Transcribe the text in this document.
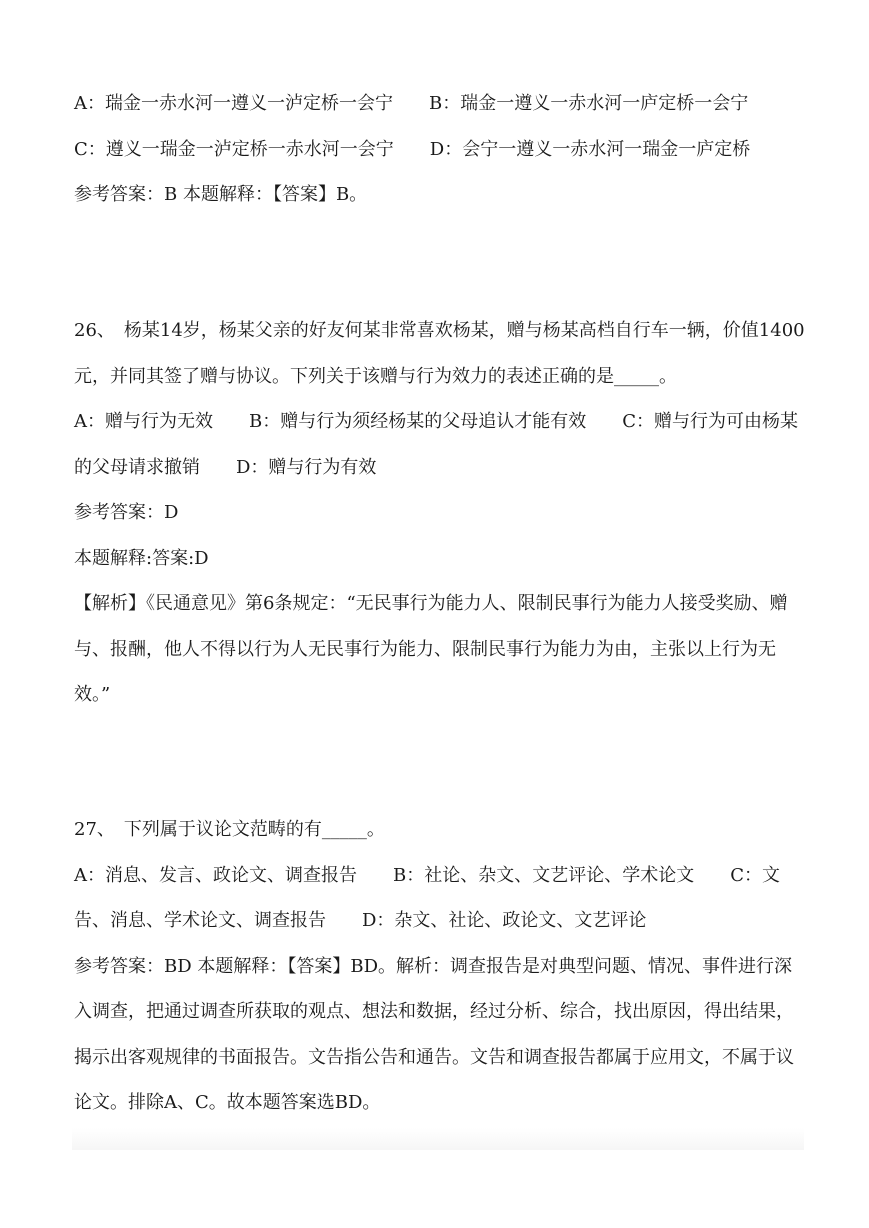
A：瑞金一赤水河一遵义一泸定桥一会宁　　B：瑞金一遵义一赤水河一庐定桥一会宁　　C：遵义一瑞金一泸定桥一赤水河一会宁　　D：会宁一遵义一赤水河一瑞金一庐定桥

参考答案：B 本题解释：【答案】B。

26、　杨某14岁，杨某父亲的好友何某非常喜欢杨某，赠与杨某高档自行车一辆，价值1400元，并同其签了赠与协议。下列关于该赠与行为效力的表述正确的是_____。

A：赠与行为无效　　B：赠与行为须经杨某的父母追认才能有效　　C：赠与行为可由杨某的父母请求撤销　　D：赠与行为有效

参考答案：D

本题解释:答案:D

【解析】《民通意见》第6条规定：“无民事行为能力人、限制民事行为能力人接受奖励、赠与、报酬，他人不得以行为人无民事行为能力、限制民事行为能力为由，主张以上行为无效。”

27、　下列属于议论文范畴的有_____。

A：消息、发言、政论文、调查报告　　B：社论、杂文、文艺评论、学术论文　　C：文告、消息、学术论文、调查报告　　D：杂文、社论、政论文、文艺评论

参考答案：BD 本题解释：【答案】BD。解析：调查报告是对典型问题、情况、事件进行深入调查，把通过调查所获取的观点、想法和数据，经过分析、综合，找出原因，得出结果，揭示出客观规律的书面报告。文告指公告和通告。文告和调查报告都属于应用文，不属于议论文。排除A、C。故本题答案选BD。
